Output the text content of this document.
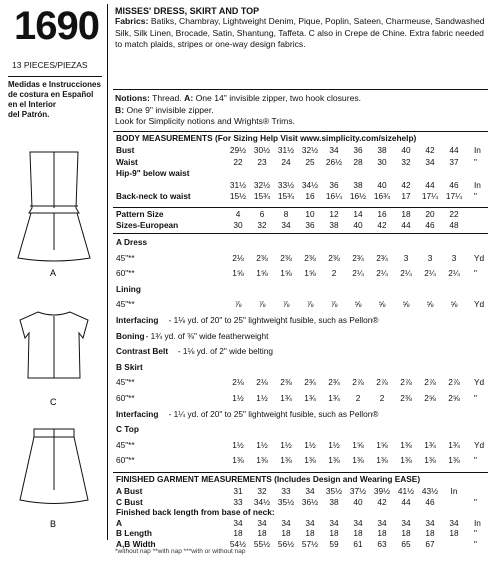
1690
13 PIECES/PIEZAS
Medidas e Instrucciones
de costura en Español
en el Interior
del Patrón.
A
C
B
MISSES' DRESS, SKIRT AND TOP
Fabrics: Batiks, Chambray, Lightweight Denim, Pique, Poplin, Sateen, Charmeuse, Sandwashed Silk, Silk Linen, Brocade, Satin, Shantung, Taffeta. C also in Crepe de Chine. Extra fabric needed to match plaids, stripes or one-way design fabrics.
Notions: Thread. A: One 14" invisible zipper, two hook closures.
B: One 9" invisible zipper.
Look for Simplicity notions and Wrights® Trims.
BODY MEASUREMENTS (For Sizing Help Visit www.simplicity.com/sizehelp)
Bust	29½ 30½ 31½ 32½	34	36	38	40	42	44	In
Waist	22	23	24	25	26½	28	30	32	34	37	"
Hip-9" below waist
31½ 32½ 33½ 34½	36	38	40	42	44	46	In
Back-neck to waist	15½ 15¾ 15¾	16	16¼ 16½ 16¾	17	17¼ 17¼	"
Pattern Size	4	6	8	10	12	14	16	18	20	22
Sizes-European	30	32	34	36	38	40	42	44	46	48
A Dress
45"**	2⅛	2⅜	2⅜	2⅜	2⅜	2¾	2¾	3	3	3	Yd
60"**	1⅝	1⅝	1⅝	1⅝	2	2¼	2¼	2¼	2¼	2¼	"
Lining
45"**	⅞	⅞	⅞	⅞	⅞	⅝	⅝	⅝	⅝	⅝	Yd
Interfacing - 1⅛ yd. of 20" to 25" lightweight fusible, such as Pellon®
Boning - 1¾ yd. of ⅜" wide featherweight
Contrast Belt - 1⅛ yd. of 2" wide belting
B Skirt
45"**	2⅛	2⅛	2⅜	2¾	2¾	2⅞	2⅞	2⅞	2⅞	2⅞	Yd
60"**	1½	1½	1¾	1¾	1¾	2	2	2⅜	2⅝	2⅝	"
Interfacing - 1¼ yd. of 20" to 25" lightweight fusible, such as Pellon®
C Top
45"**	1½	1½	1½	1½	1½	1⅝	1⅝	1⅜	1¾	1¾	Yd
60"**	1⅜	1⅜	1⅜	1⅜	1⅜	1⅜	1⅜	1⅜	1⅜	1⅜	"
FINISHED GARMENT MEASUREMENTS (Includes Design and Wearing EASE)
A Bust	31	32	33	34	35½ 37½ 39½ 41½ 43½	In
C Bust	33	34½ 35½ 36½	38	40	42	44	46	"
Finished back length from base of neck:
A	34	34	34	34	34	34	34	34	34	34	In
B Length	18	18	18	18	18	18	18	18	18	18	"
A,B Width	54½ 55½ 56½ 57½	59	61	63	65	67	"
*without nap **with nap ***with or without nap
